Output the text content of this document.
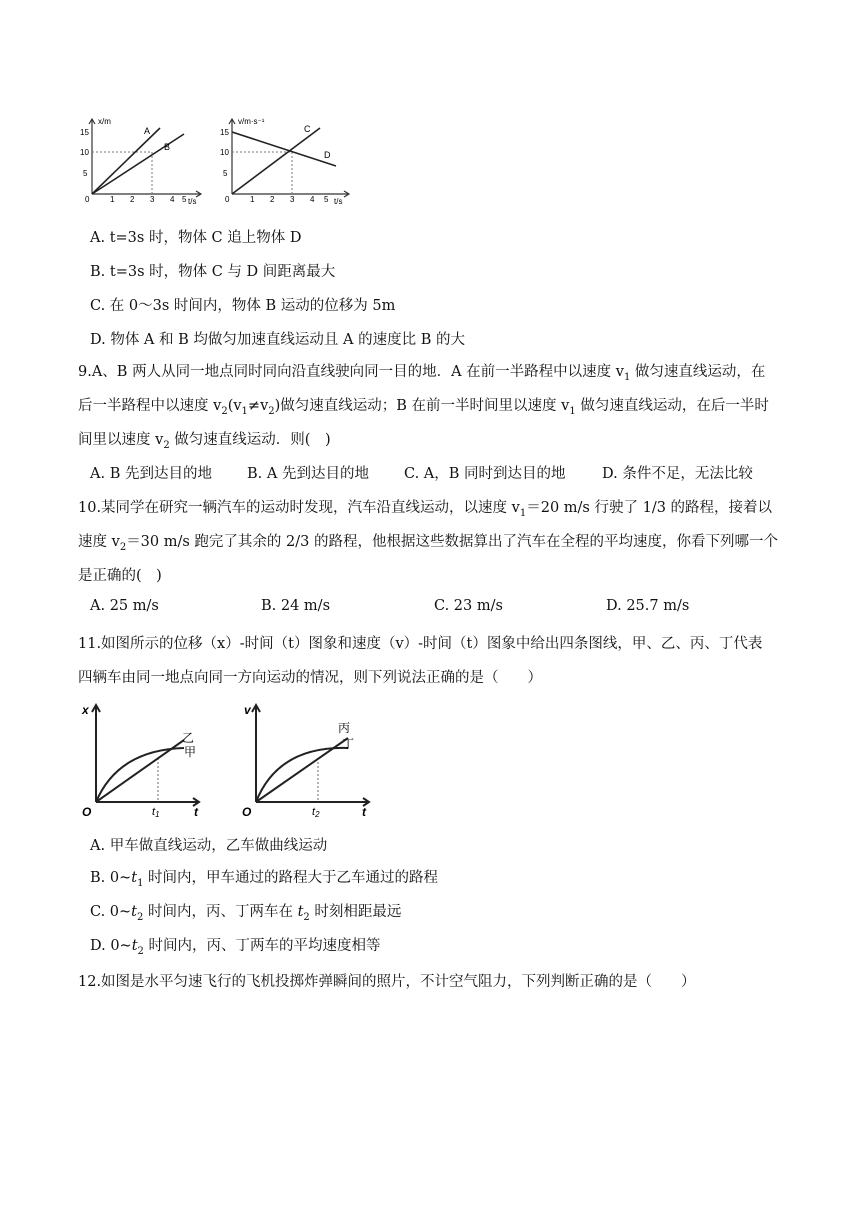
x/m
t/s
A
B
15
10
5
0	1 2 3 4 5
v/m·s⁻¹
t/s
C
D
15
10
5
0	1 2 3 4 5
A. t=3s 时，物体 C 追上物体 D
B. t=3s 时，物体 C 与 D 间距离最大
C. 在 0～3s 时间内，物体 B 运动的位移为 5m
D. 物体 A 和 B 均做匀加速直线运动且 A 的速度比 B 的大
9.A、B 两人从同一地点同时同向沿直线驶向同一目的地．A 在前一半路程中以速度 $v_1$ 做匀速直线运动，在
后一半路程中以速度 $v_2(v_1\ne v_2)$做匀速直线运动；B 在前一半时间里以速度 $v_1$ 做匀速直线运动，在后一半时
间里以速度 $v_2$ 做匀速直线运动．则(　)
A. B 先到达目的地 B. A 先到达目的地 C. A，B 同时到达目的地	D. 条件不足，无法比较
10.某同学在研究一辆汽车的运动时发现，汽车沿直线运动，以速度 $v_1=20$ m/s 行驶了 1/3 的路程，接着以
速度 $v_2=30$ m/s 跑完了其余的 2/3 的路程，他根据这些数据算出了汽车在全程的平均速度，你看下列哪一个
是正确的(　)
A. 25 m/s	B. 24 m/s	C. 23 m/s	D. 25.7 m/s
11.如图所示的位移（x）-时间（t）图象和速度（v）-时间（t）图象中给出四条图线，甲、乙、丙、丁代表
四辆车由同一地点向同一方向运动的情况，则下列说法正确的是（　　）
x
t
O	t1
乙
甲
v
t
O	t2
丙
丁
A. 甲车做直线运动，乙车做曲线运动
B. $0\sim t_1$ 时间内，甲车通过的路程大于乙车通过的路程
C. $0\sim t_2$ 时间内，丙、丁两车在 $t_2$ 时刻相距最远
D. $0\sim t_2$ 时间内，丙、丁两车的平均速度相等
12.如图是水平匀速飞行的飞机投掷炸弹瞬间的照片，不计空气阻力，下列判断正确的是（　　）
